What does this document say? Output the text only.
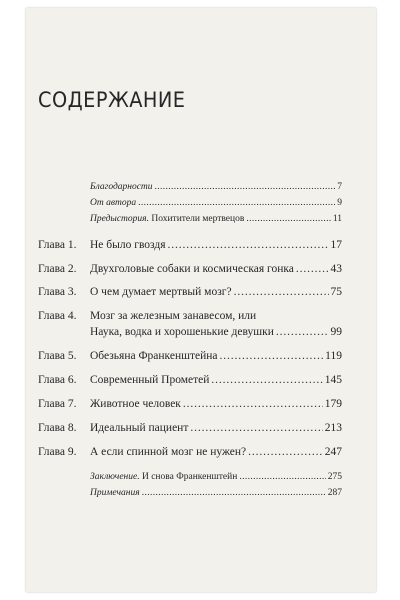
СОДЕРЖАНИЕ
Благодарности . . .	7
От автора . . .	9
Предыстория. Похитители мертвецов . . .	11
Глава 1.	Не было гвоздя . . .	17
Глава 2.	Двухголовые собаки и космическая гонка . . .	43
Глава 3.	О чем думает мертвый мозг? . . .	75
Глава 4.	Мозг за железным занавесом, или
Наука, водка и хорошенькие девушки . . .	99
Глава 5.	Обезьяна Франкенштейна . . .	119
Глава 6.	Современный Прометей . . .	145
Глава 7.	Животное человек . . .	179
Глава 8.	Идеальный пациент . . .	213
Глава 9.	А если спинной мозг не нужен? . . .	247
Заключение. И снова Франкенштейн . . .	275
Примечания . . .	287
